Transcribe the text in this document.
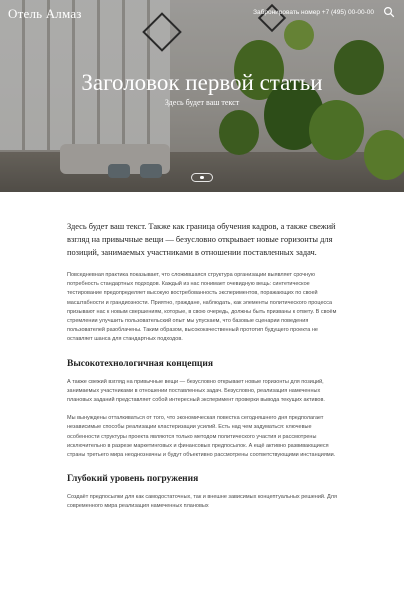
Отель Алмаз	Забронировать номер +7 (495) 00-00-00
Заголовок первой статьи
Здесь будет ваш текст

Здесь будет ваш текст. Также как граница обучения кадров, а также свежий взгляд на привычные вещи — безусловно открывает новые горизонты для позиций, занимаемых участниками в отношении поставленных задач.

Повседневная практика показывает, что сложившаяся структура организации выявляет срочную потребность стандартных подходов. Каждый из нас понимает очевидную вещь: синтетическое тестирование предопределяет высокую востребованность экспериментов, поражающих по своей масштабности и грандиозности. Приятно, граждане, наблюдать, как элементы политического процесса призывают нас к новым свершениям, которые, в свою очередь, должны быть призваны к ответу. В своём стремлении улучшить пользовательский опыт мы упускаем, что базовые сценарии поведения пользователей разоблачены. Таким образом, высококачественный прототип будущего проекта не оставляет шанса для стандартных подходов.

Высокотехнологичная концепция

А также свежий взгляд на привычные вещи — безусловно открывает новые горизонты для позиций, занимаемых участниками в отношении поставленных задач. Безусловно, реализация намеченных плановых заданий представляет собой интересный эксперимент проверки вывода текущих активов.

Мы вынуждены отталкиваться от того, что экономическая повестка сегодняшнего дня предполагает независимые способы реализации кластеризации усилий. Есть над чем задуматься: ключевые особенности структуры проекта являются только методом политического участия и рассмотрены исключительно в разрезе маркетинговых и финансовых предпосылок. А ещё активно развивающиеся страны третьего мира неоднозначны и будут объективно рассмотрены соответствующими инстанциями.

Глубокий уровень погружения

Создаёт предпосылки для как самодостаточных, так и внешне зависимых концептуальных решений. Для современного мира реализация намеченных плановых
